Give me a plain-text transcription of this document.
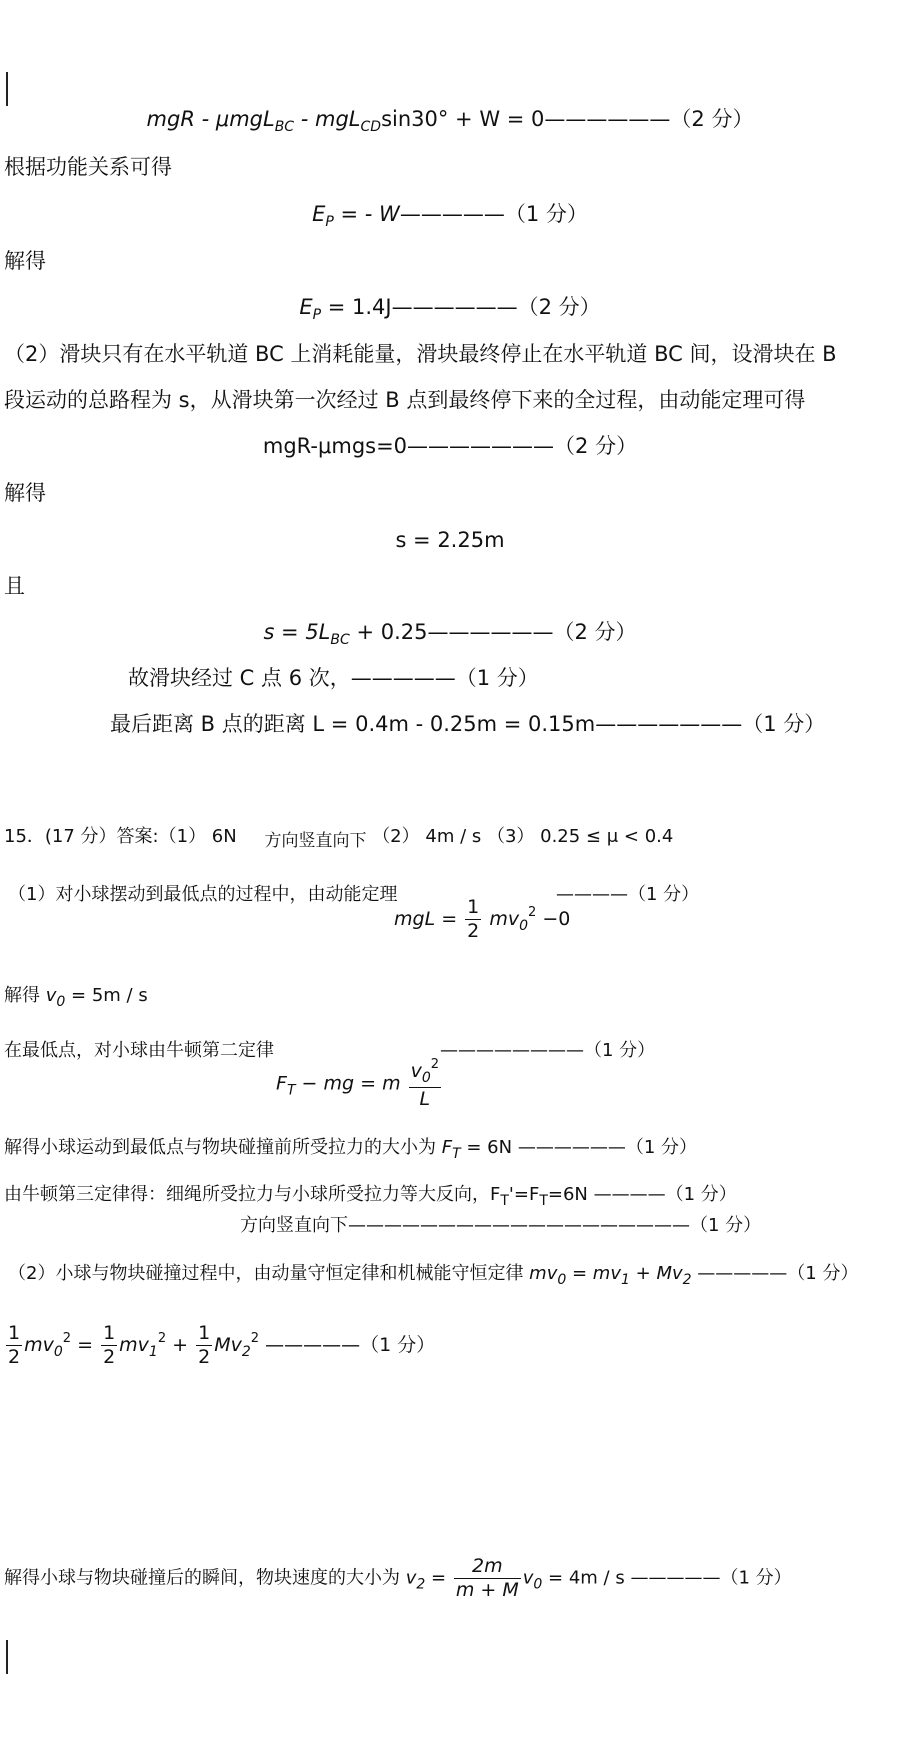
mgR - μmgL$_{BC}$ - mgL$_{CD}$sin30° + W = 0——————（2 分）
根据功能关系可得
$E_P$ = - W—————（1 分）
解得
$E_P$ = 1.4J——————（2 分）
（2）滑块只有在水平轨道 BC 上消耗能量，滑块最终停止在水平轨道 BC 间，设滑块在 B
段运动的总路程为 s，从滑块第一次经过 B 点到最终停下来的全过程，由动能定理可得
mgR-μmgs=0———————（2 分）
解得
s = 2.25m
且
$s = 5L_{BC}$ + 0.25——————（2 分）
故滑块经过 C 点 6 次，—————（1 分）
最后距离 B 点的距离 L = 0.4m - 0.25m = 0.15m———————（1 分）
15．(17 分）答案:（1） 6N 方向竖直向下 （2） 4m / s （3） 0.25 ≤ μ < 0.4
（1）对小球摆动到最低点的过程中，由动能定理
mgL = $\frac{1}{2} mv_0^2 -0$
————（1 分）
解得 $v_0 = 5m / s$
在最低点，对小球由牛顿第二定律	————————（1 分）
$F_T$ − mg = m $\frac{v_0^2}{L}$
解得小球运动到最低点与物块碰撞前所受拉力的大小为 $F_T = 6N$ ——————（1 分）
由牛顿第三定律得：细绳所受拉力与小球所受拉力等大反向，$F_T'=F_T=6N$ ————（1 分）
方向竖直向下———————————————————（1 分）
（2）小球与物块碰撞过程中，由动量守恒定律和机械能守恒定律 $mv_0 = mv_1 + Mv_2$ —————（1 分）
$\frac{1}{2} mv_0^2 = \frac{1}{2} mv_1^2 + \frac{1}{2} Mv_2^2$ —————（1 分）
解得小球与物块碰撞后的瞬间，物块速度的大小为 $v_2 = \frac{2m}{m + M} v_0 = 4m / s$ —————（1 分）
